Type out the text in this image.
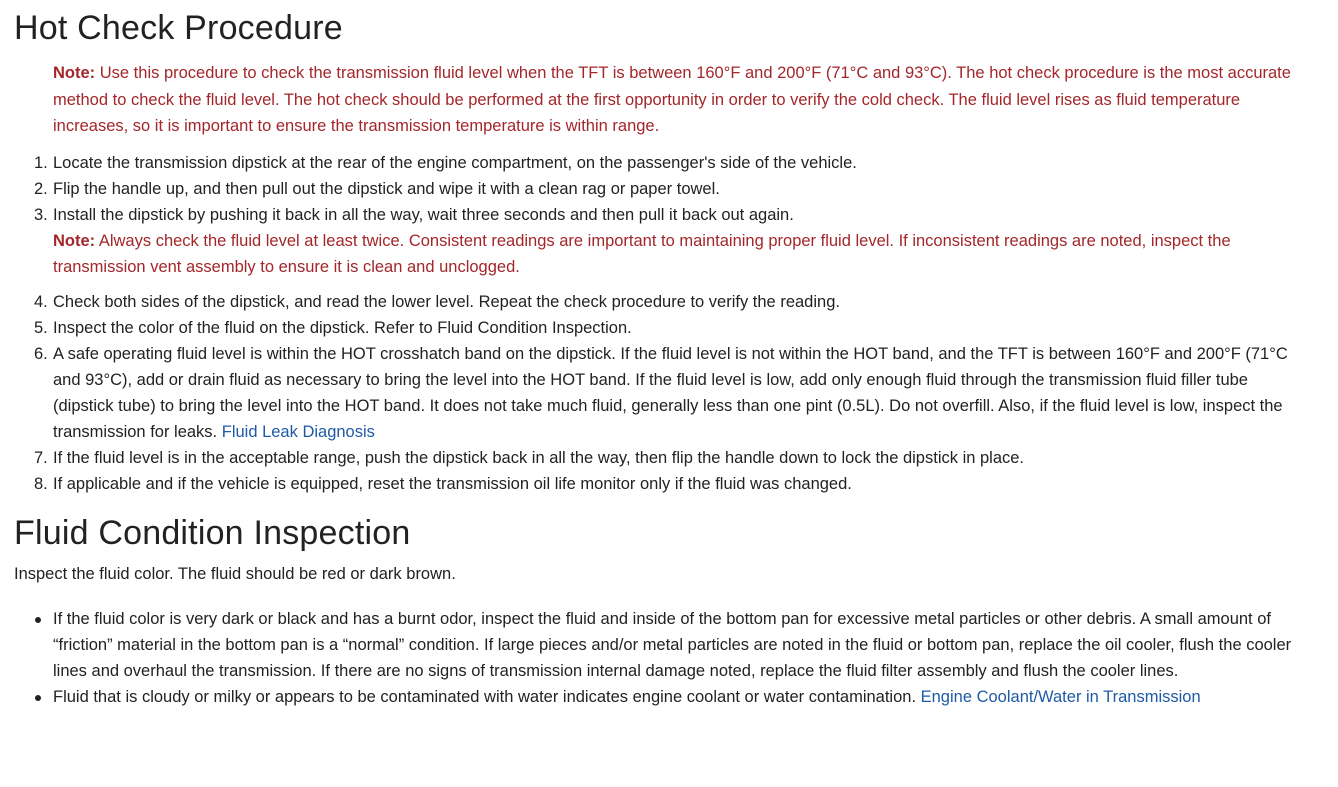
Hot Check Procedure
Note: Use this procedure to check the transmission fluid level when the TFT is between 160°F and 200°F (71°C and 93°C). The hot check procedure is the most accurate method to check the fluid level. The hot check should be performed at the first opportunity in order to verify the cold check. The fluid level rises as fluid temperature increases, so it is important to ensure the transmission temperature is within range.
1. Locate the transmission dipstick at the rear of the engine compartment, on the passenger's side of the vehicle.
2. Flip the handle up, and then pull out the dipstick and wipe it with a clean rag or paper towel.
3. Install the dipstick by pushing it back in all the way, wait three seconds and then pull it back out again.
Note: Always check the fluid level at least twice. Consistent readings are important to maintaining proper fluid level. If inconsistent readings are noted, inspect the transmission vent assembly to ensure it is clean and unclogged.
4. Check both sides of the dipstick, and read the lower level. Repeat the check procedure to verify the reading.
5. Inspect the color of the fluid on the dipstick. Refer to Fluid Condition Inspection.
6. A safe operating fluid level is within the HOT crosshatch band on the dipstick. If the fluid level is not within the HOT band, and the TFT is between 160°F and 200°F (71°C and 93°C), add or drain fluid as necessary to bring the level into the HOT band. If the fluid level is low, add only enough fluid through the transmission fluid filler tube (dipstick tube) to bring the level into the HOT band. It does not take much fluid, generally less than one pint (0.5L). Do not overfill. Also, if the fluid level is low, inspect the transmission for leaks. Fluid Leak Diagnosis
7. If the fluid level is in the acceptable range, push the dipstick back in all the way, then flip the handle down to lock the dipstick in place.
8. If applicable and if the vehicle is equipped, reset the transmission oil life monitor only if the fluid was changed.
Fluid Condition Inspection
Inspect the fluid color. The fluid should be red or dark brown.
If the fluid color is very dark or black and has a burnt odor, inspect the fluid and inside of the bottom pan for excessive metal particles or other debris. A small amount of “friction” material in the bottom pan is a “normal” condition. If large pieces and/or metal particles are noted in the fluid or bottom pan, replace the oil cooler, flush the cooler lines and overhaul the transmission. If there are no signs of transmission internal damage noted, replace the fluid filter assembly and flush the cooler lines.
Fluid that is cloudy or milky or appears to be contaminated with water indicates engine coolant or water contamination. Engine Coolant/Water in Transmission
